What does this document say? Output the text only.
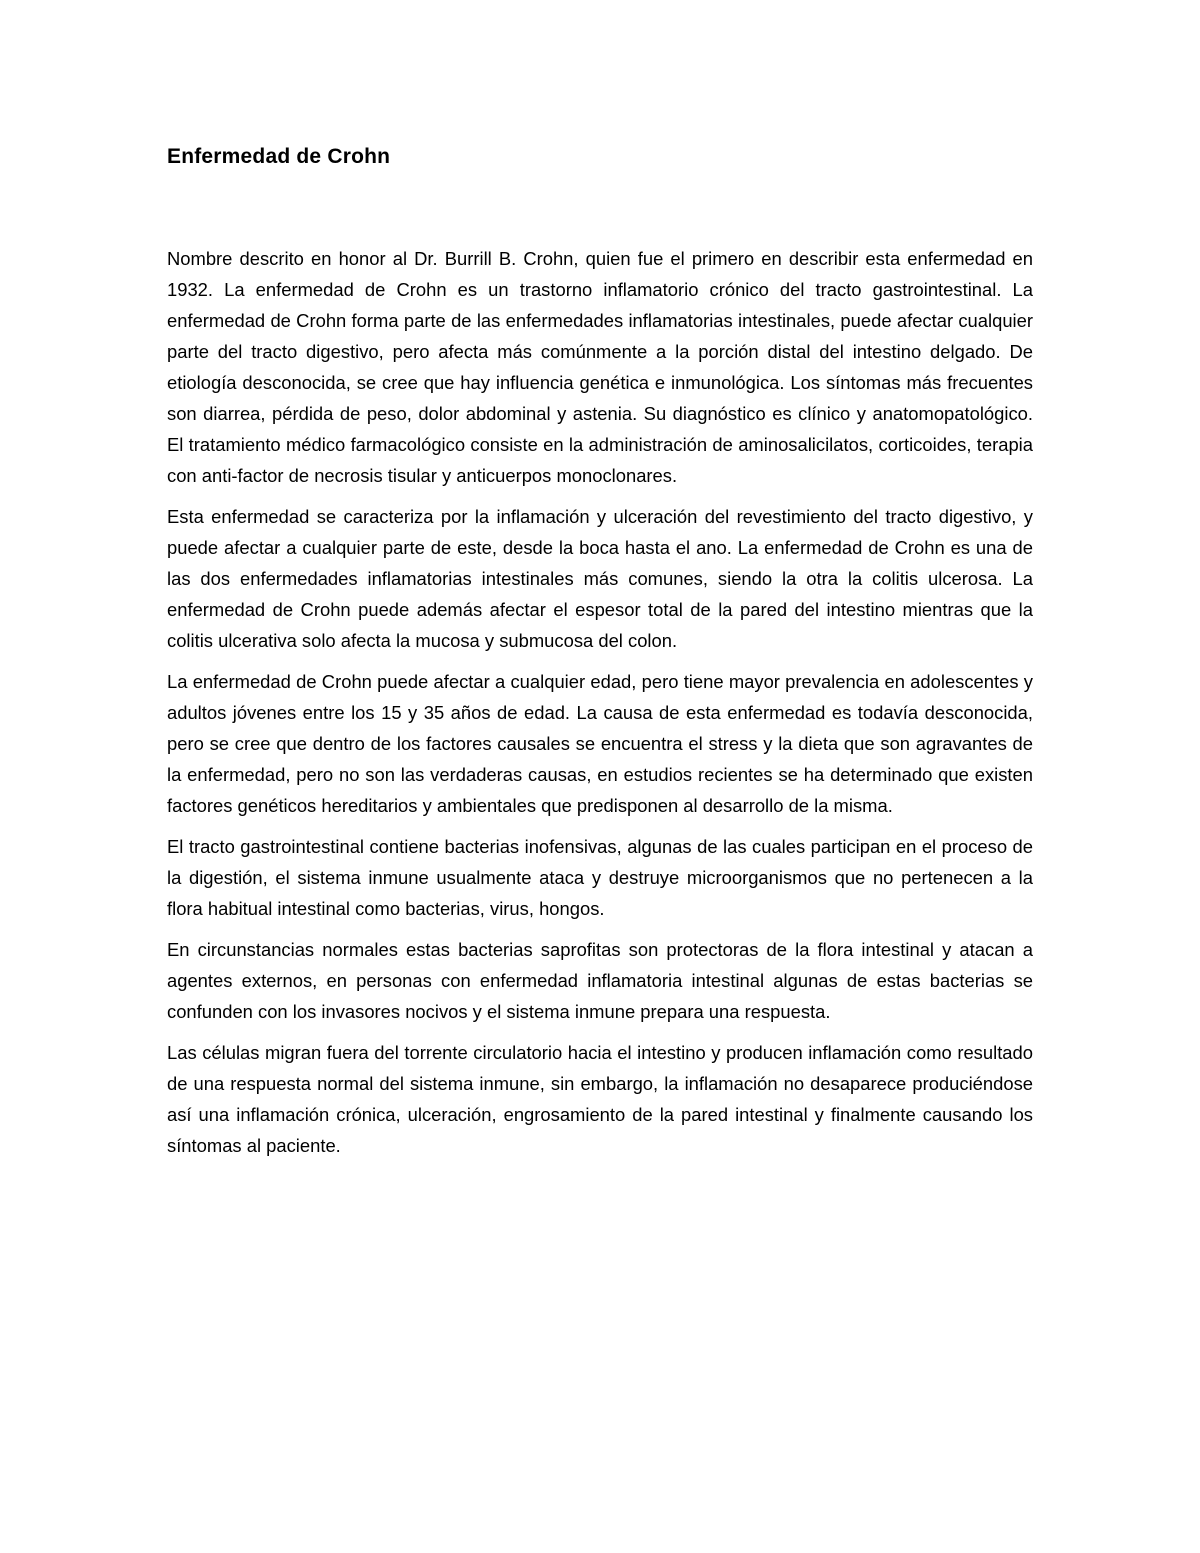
Enfermedad de Crohn

Nombre descrito en honor al Dr. Burrill B. Crohn, quien fue el primero en describir esta enfermedad en 1932. La enfermedad de Crohn es un trastorno inflamatorio crónico del tracto gastrointestinal. La enfermedad de Crohn forma parte de las enfermedades inflamatorias intestinales, puede afectar cualquier parte del tracto digestivo, pero afecta más comúnmente a la porción distal del intestino delgado. De etiología desconocida, se cree que hay influencia genética e inmunológica. Los síntomas más frecuentes son diarrea, pérdida de peso, dolor abdominal y astenia. Su diagnóstico es clínico y anatomopatológico. El tratamiento médico farmacológico consiste en la administración de aminosalicilatos, corticoides, terapia con anti-factor de necrosis tisular y anticuerpos monoclonares.

Esta enfermedad se caracteriza por la inflamación y ulceración del revestimiento del tracto digestivo, y puede afectar a cualquier parte de este, desde la boca hasta el ano. La enfermedad de Crohn es una de las dos enfermedades inflamatorias intestinales más comunes, siendo la otra la colitis ulcerosa. La enfermedad de Crohn puede además afectar el espesor total de la pared del intestino mientras que la colitis ulcerativa solo afecta la mucosa y submucosa del colon.

La enfermedad de Crohn puede afectar a cualquier edad, pero tiene mayor prevalencia en adolescentes y adultos jóvenes entre los 15 y 35 años de edad. La causa de esta enfermedad es todavía desconocida, pero se cree que dentro de los factores causales se encuentra el stress y la dieta que son agravantes de la enfermedad, pero no son las verdaderas causas, en estudios recientes se ha determinado que existen factores genéticos hereditarios y ambientales que predisponen al desarrollo de la misma.

El tracto gastrointestinal contiene bacterias inofensivas, algunas de las cuales participan en el proceso de la digestión, el sistema inmune usualmente ataca y destruye microorganismos que no pertenecen a la flora habitual intestinal como bacterias, virus, hongos.

En circunstancias normales estas bacterias saprofitas son protectoras de la flora intestinal y atacan a agentes externos, en personas con enfermedad inflamatoria intestinal algunas de estas bacterias se confunden con los invasores nocivos y el sistema inmune prepara una respuesta.

Las células migran fuera del torrente circulatorio hacia el intestino y producen inflamación como resultado de una respuesta normal del sistema inmune, sin embargo, la inflamación no desaparece produciéndose así una inflamación crónica, ulceración, engrosamiento de la pared intestinal y finalmente causando los síntomas al paciente.
